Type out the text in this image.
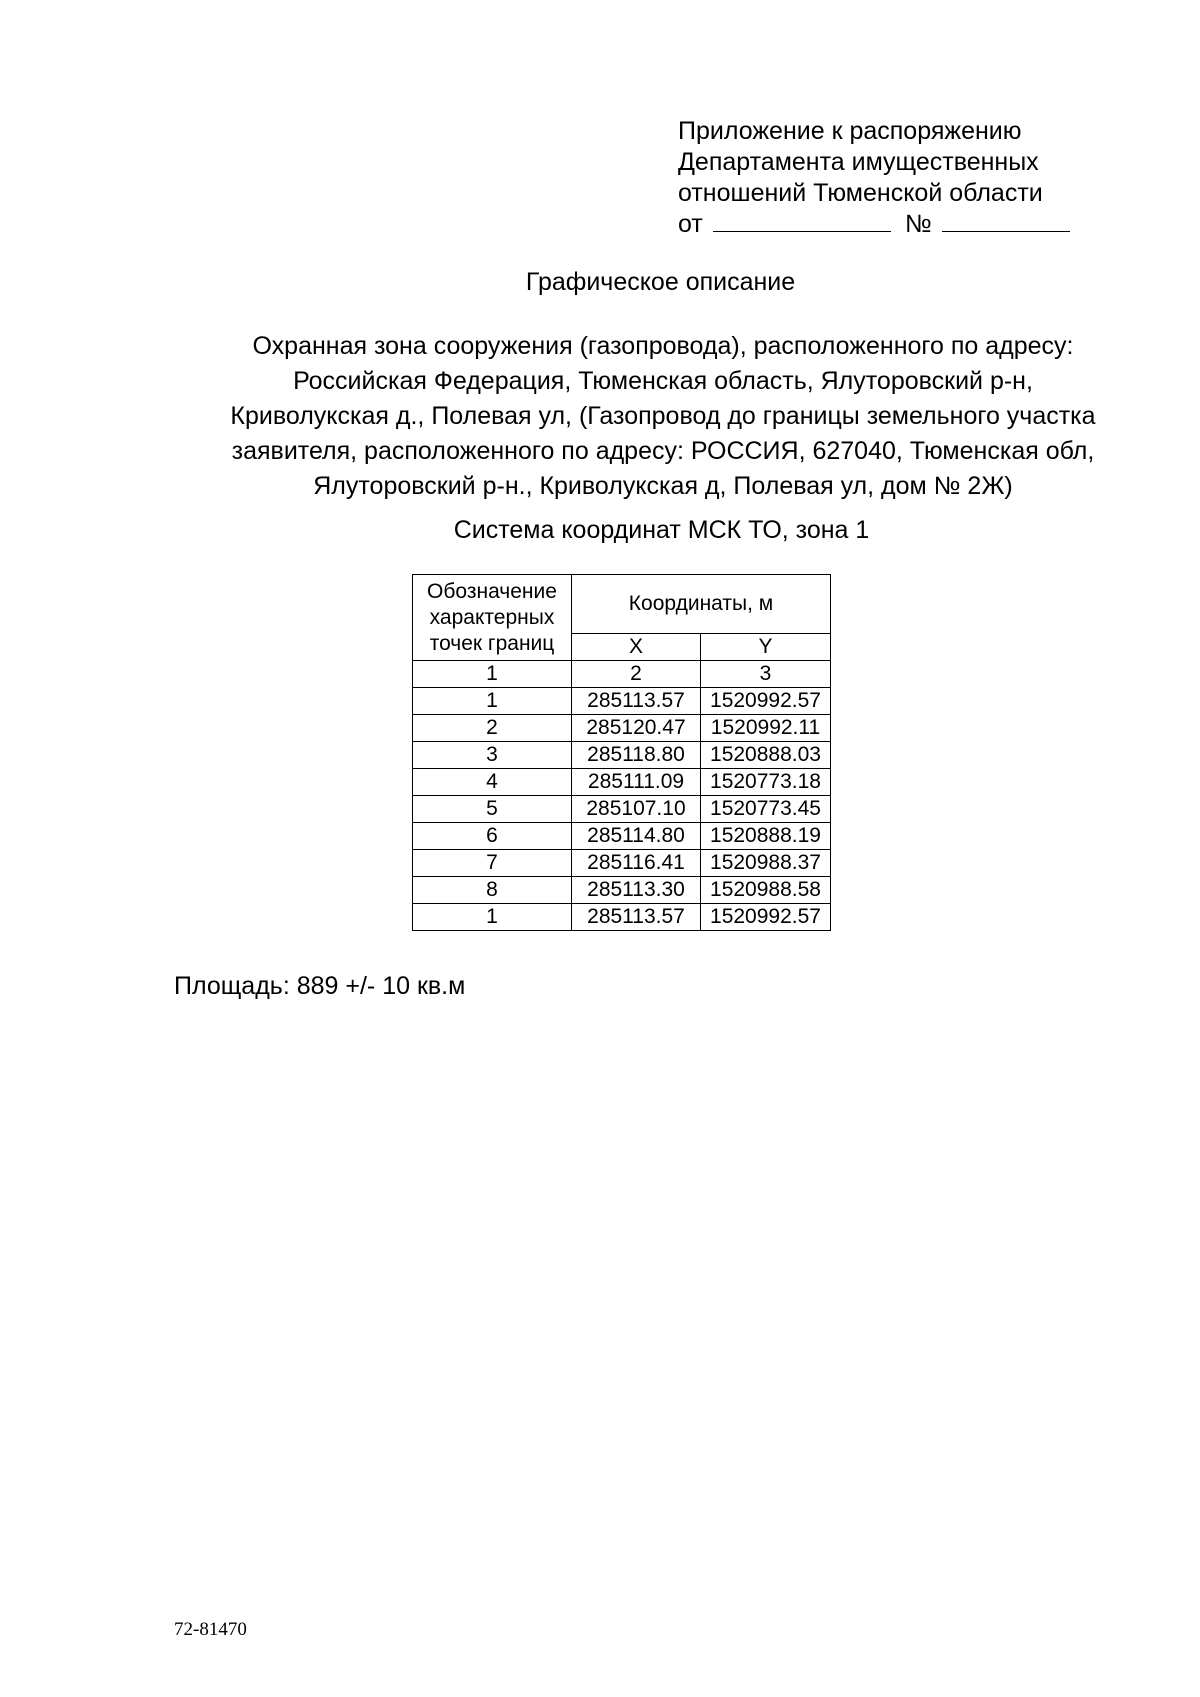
Приложение к распоряжению
Департамента имущественных
отношений Тюменской области
от	№
Графическое описание
Охранная зона сооружения (газопровода), расположенного по адресу:
Российская Федерация, Тюменская область, Ялуторовский р-н,
Криволукская д., Полевая ул, (Газопровод до границы земельного участка
заявителя, расположенного по адресу: РОССИЯ, 627040, Тюменская обл,
Ялуторовский р-н., Криволукская д, Полевая ул, дом № 2Ж)
Система координат МСК ТО, зона 1
Обозначение
характерных
точек границ	Координаты, м	
	X	Y
1	2	3
1	285113.57	1520992.57
2	285120.47	1520992.11
3	285118.80	1520888.03
4	285111.09	1520773.18
5	285107.10	1520773.45
6	285114.80	1520888.19
7	285116.41	1520988.37
8	285113.30	1520988.58
1	285113.57	1520992.57
Площадь: 889 +/- 10 кв.м
72-81470
